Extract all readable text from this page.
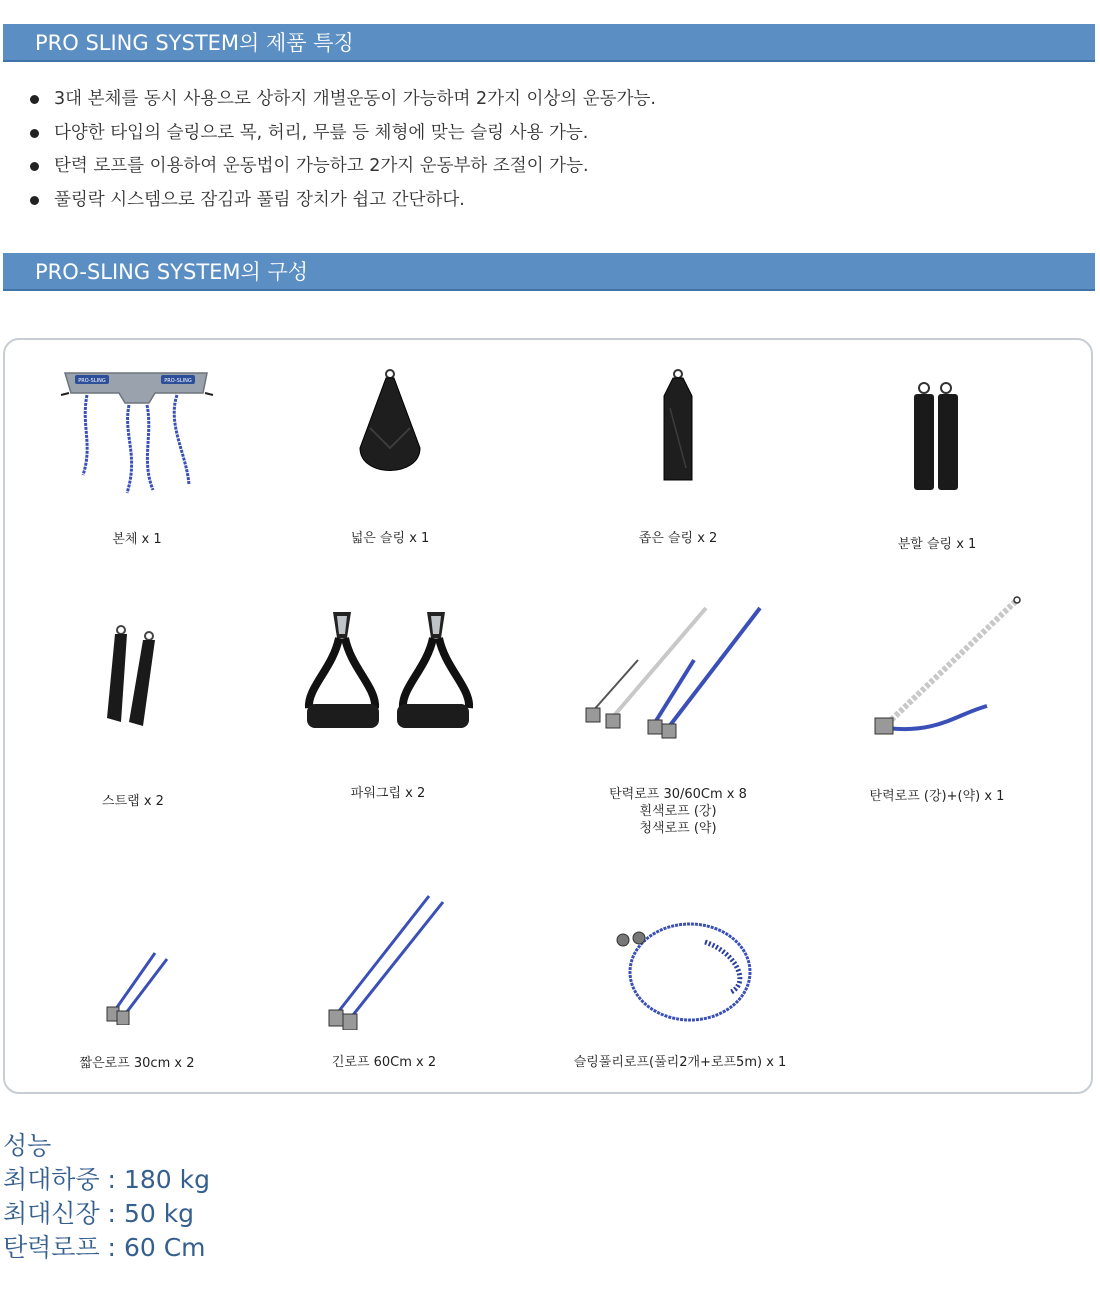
PRO SLING SYSTEM의 제품 특징
3대 본체를 동시 사용으로 상하지 개별운동이 가능하며 2가지 이상의 운동가능.
다양한 타입의 슬링으로 목, 허리, 무릎 등 체형에 맞는 슬링 사용 가능.
탄력 로프를 이용하여 운동법이 가능하고 2가지 운동부하 조절이 가능.
풀링락 시스템으로 잠김과 풀림 장치가 쉽고 간단하다.
PRO-SLING SYSTEM의 구성
PRO-SLING	PRO-SLING
본체 x 1	넓은 슬링 x 1	좁은 슬링 x 2	분할 슬링 x 1
스트랩 x 2
파워그립 x 2	탄력로프 30/60Cm x 8
흰색로프 (강)
청색로프 (약)
탄력로프 (강)+(약) x 1
짧은로프 30cm x 2	긴로프 60Cm x 2	슬링풀리로프(풀리2개+로프5m) x 1
성능
최대하중 : 180 kg
최대신장 : 50 kg
탄력로프 : 60 Cm
